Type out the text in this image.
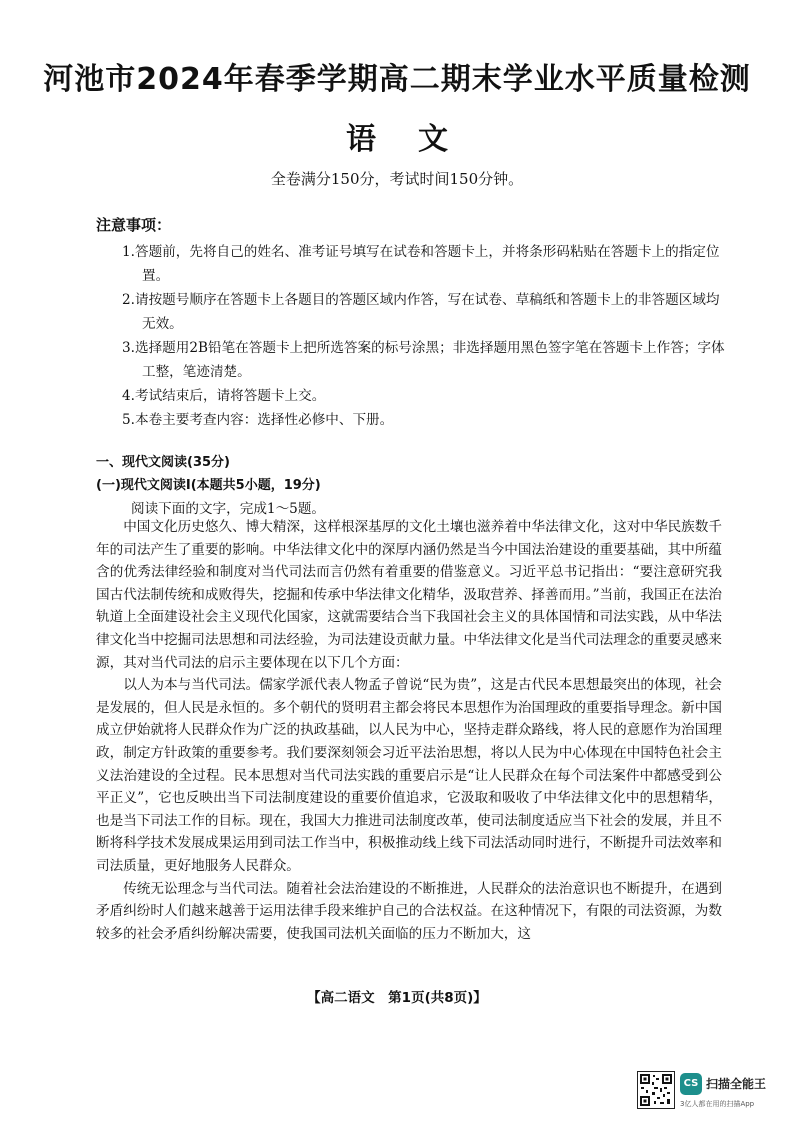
河池市2024年春季学期高二期末学业水平质量检测
语文
全卷满分150分，考试时间150分钟。
注意事项：

1.答题前，先将自己的姓名、准考证号填写在试卷和答题卡上，并将条形码粘贴在答题卡上的指定位置。

2.请按题号顺序在答题卡上各题目的答题区域内作答，写在试卷、草稿纸和答题卡上的非答题区域均无效。

3.选择题用2B铅笔在答题卡上把所选答案的标号涂黑；非选择题用黑色签字笔在答题卡上作答；字体工整，笔迹清楚。

4.考试结束后，请将答题卡上交。

5.本卷主要考查内容：选择性必修中、下册。

一、现代文阅读(35分)
(一)现代文阅读Ⅰ(本题共5小题，19分)
阅读下面的文字，完成1～5题。

中国文化历史悠久、博大精深，这样根深基厚的文化土壤也滋养着中华法律文化，这对中华民族数千年的司法产生了重要的影响。中华法律文化中的深厚内涵仍然是当今中国法治建设的重要基础，其中所蕴含的优秀法律经验和制度对当代司法而言仍然有着重要的借鉴意义。习近平总书记指出：“要注意研究我国古代法制传统和成败得失，挖掘和传承中华法律文化精华，汲取营养、择善而用。”当前，我国正在法治轨道上全面建设社会主义现代化国家，这就需要结合当下我国社会主义的具体国情和司法实践，从中华法律文化当中挖掘司法思想和司法经验，为司法建设贡献力量。中华法律文化是当代司法理念的重要灵感来源，其对当代司法的启示主要体现在以下几个方面：

以人为本与当代司法。儒家学派代表人物孟子曾说“民为贵”，这是古代民本思想最突出的体现，社会是发展的，但人民是永恒的。多个朝代的贤明君主都会将民本思想作为治国理政的重要指导理念。新中国成立伊始就将人民群众作为广泛的执政基础，以人民为中心，坚持走群众路线，将人民的意愿作为治国理政，制定方针政策的重要参考。我们要深刻领会习近平法治思想，将以人民为中心体现在中国特色社会主义法治建设的全过程。民本思想对当代司法实践的重要启示是“让人民群众在每个司法案件中都感受到公平正义”，它也反映出当下司法制度建设的重要价值追求，它汲取和吸收了中华法律文化中的思想精华，也是当下司法工作的目标。现在，我国大力推进司法制度改革，使司法制度适应当下社会的发展，并且不断将科学技术发展成果运用到司法工作当中，积极推动线上线下司法活动同时进行，不断提升司法效率和司法质量，更好地服务人民群众。

传统无讼理念与当代司法。随着社会法治建设的不断推进，人民群众的法治意识也不断提升，在遇到矛盾纠纷时人们越来越善于运用法律手段来维护自己的合法权益。在这种情况下，有限的司法资源，为数较多的社会矛盾纠纷解决需要，使我国司法机关面临的压力不断加大，这

【高二语文　第1页(共8页)】
CS 扫描全能王
3亿人都在用的扫描App
